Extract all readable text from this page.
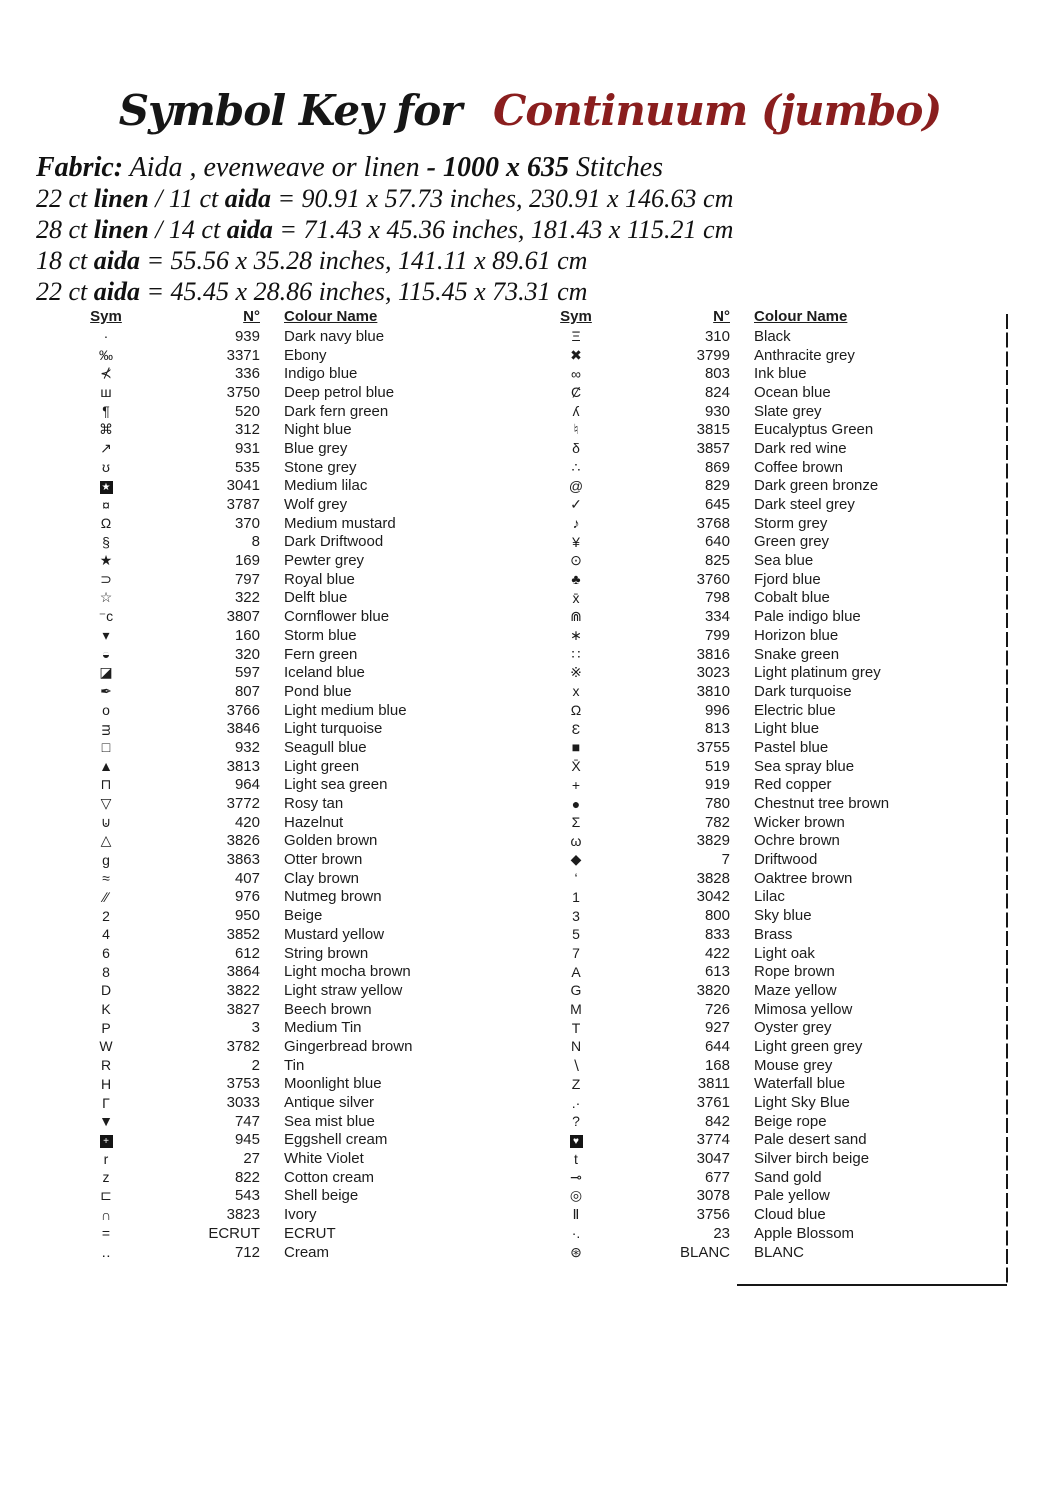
Symbol Key for Continuum (jumbo)
Fabric: Aida , evenweave or linen - 1000 x 635 Stitches
22 ct linen / 11 ct aida = 90.91 x 57.73 inches, 230.91 x 146.63 cm
28 ct linen / 14 ct aida = 71.43 x 45.36 inches, 181.43 x 115.21 cm
18 ct aida = 55.56 x 35.28 inches, 141.11 x 89.61 cm
22 ct aida = 45.45 x 28.86 inches, 115.45 x 73.31 cm
Sym	N° Colour Name
·	939 Dark navy blue
‰	3371 Ebony
⊀	336 Indigo blue
ш	3750 Deep petrol blue
¶	520 Dark fern green
⌘	312 Night blue
↗	931 Blue grey
ʊ	535 Stone grey
★	3041 Medium lilac
¤	3787 Wolf grey
Ω	370 Medium mustard
§	8 Dark Driftwood
★	169 Pewter grey
⊃	797 Royal blue
☆	322 Delft blue
⁻ᴄ	3807 Cornflower blue
▾	160 Storm blue
◒	320 Fern green
◪	597 Iceland blue
✒	807 Pond blue
o	3766 Light medium blue
ᴟ	3846 Light turquoise
□	932 Seagull blue
▲	3813 Light green
⊓	964 Light sea green
▽	3772 Rosy tan
⊍	420 Hazelnut
△	3826 Golden brown
g	3863 Otter brown
≈	407 Clay brown
∕∕	976 Nutmeg brown
2	950 Beige
4	3852 Mustard yellow
6	612 String brown
8	3864 Light mocha brown
D	3822 Light straw yellow
K	3827 Beech brown
P	3 Medium Tin
W	3782 Gingerbread brown
R	2 Tin
H	3753 Moonlight blue
Γ	3033 Antique silver
▼	747 Sea mist blue
+	945 Eggshell cream
r	27 White Violet
z	822 Cotton cream
⊏	543 Shell beige
∩	3823 Ivory
=	ECRUT ECRUT
‥	712 Cream
Sym	N° Colour Name
Ξ	310 Black
✖	3799 Anthracite grey
∞	803 Ink blue
Ȼ	824 Ocean blue
ʎ	930 Slate grey
♮	3815 Eucalyptus Green
δ	3857 Dark red wine
∴	869 Coffee brown
@	829 Dark green bronze
✓	645 Dark steel grey
♪	3768 Storm grey
¥	640 Green grey
⊙	825 Sea blue
♣	3760 Fjord blue
x̄	798 Cobalt blue
⋒	334 Pale indigo blue
∗	799 Horizon blue
∷	3816 Snake green
※	3023 Light platinum grey
x	3810 Dark turquoise
Ω	996 Electric blue
Ɛ	813 Light blue
■	3755 Pastel blue
X̄	519 Sea spray blue
+	919 Red copper
●	780 Chestnut tree brown
Σ	782 Wicker brown
ω	3829 Ochre brown
◆	7 Driftwood
‘	3828 Oaktree brown
1	3042 Lilac
3	800 Sky blue
5	833 Brass
7	422 Light oak
A	613 Rope brown
G	3820 Maze yellow
M	726 Mimosa yellow
T	927 Oyster grey
N	644 Light green grey
∖	168 Mouse grey
Z	3811 Waterfall blue
.·	3761 Light Sky Blue
?	842 Beige rope
♥	3774 Pale desert sand
t	3047 Silver birch beige
⊸	677 Sand gold
◎	3078 Pale yellow
Ⅱ	3756 Cloud blue
·.	23 Apple Blossom
⊛	BLANC BLANC
